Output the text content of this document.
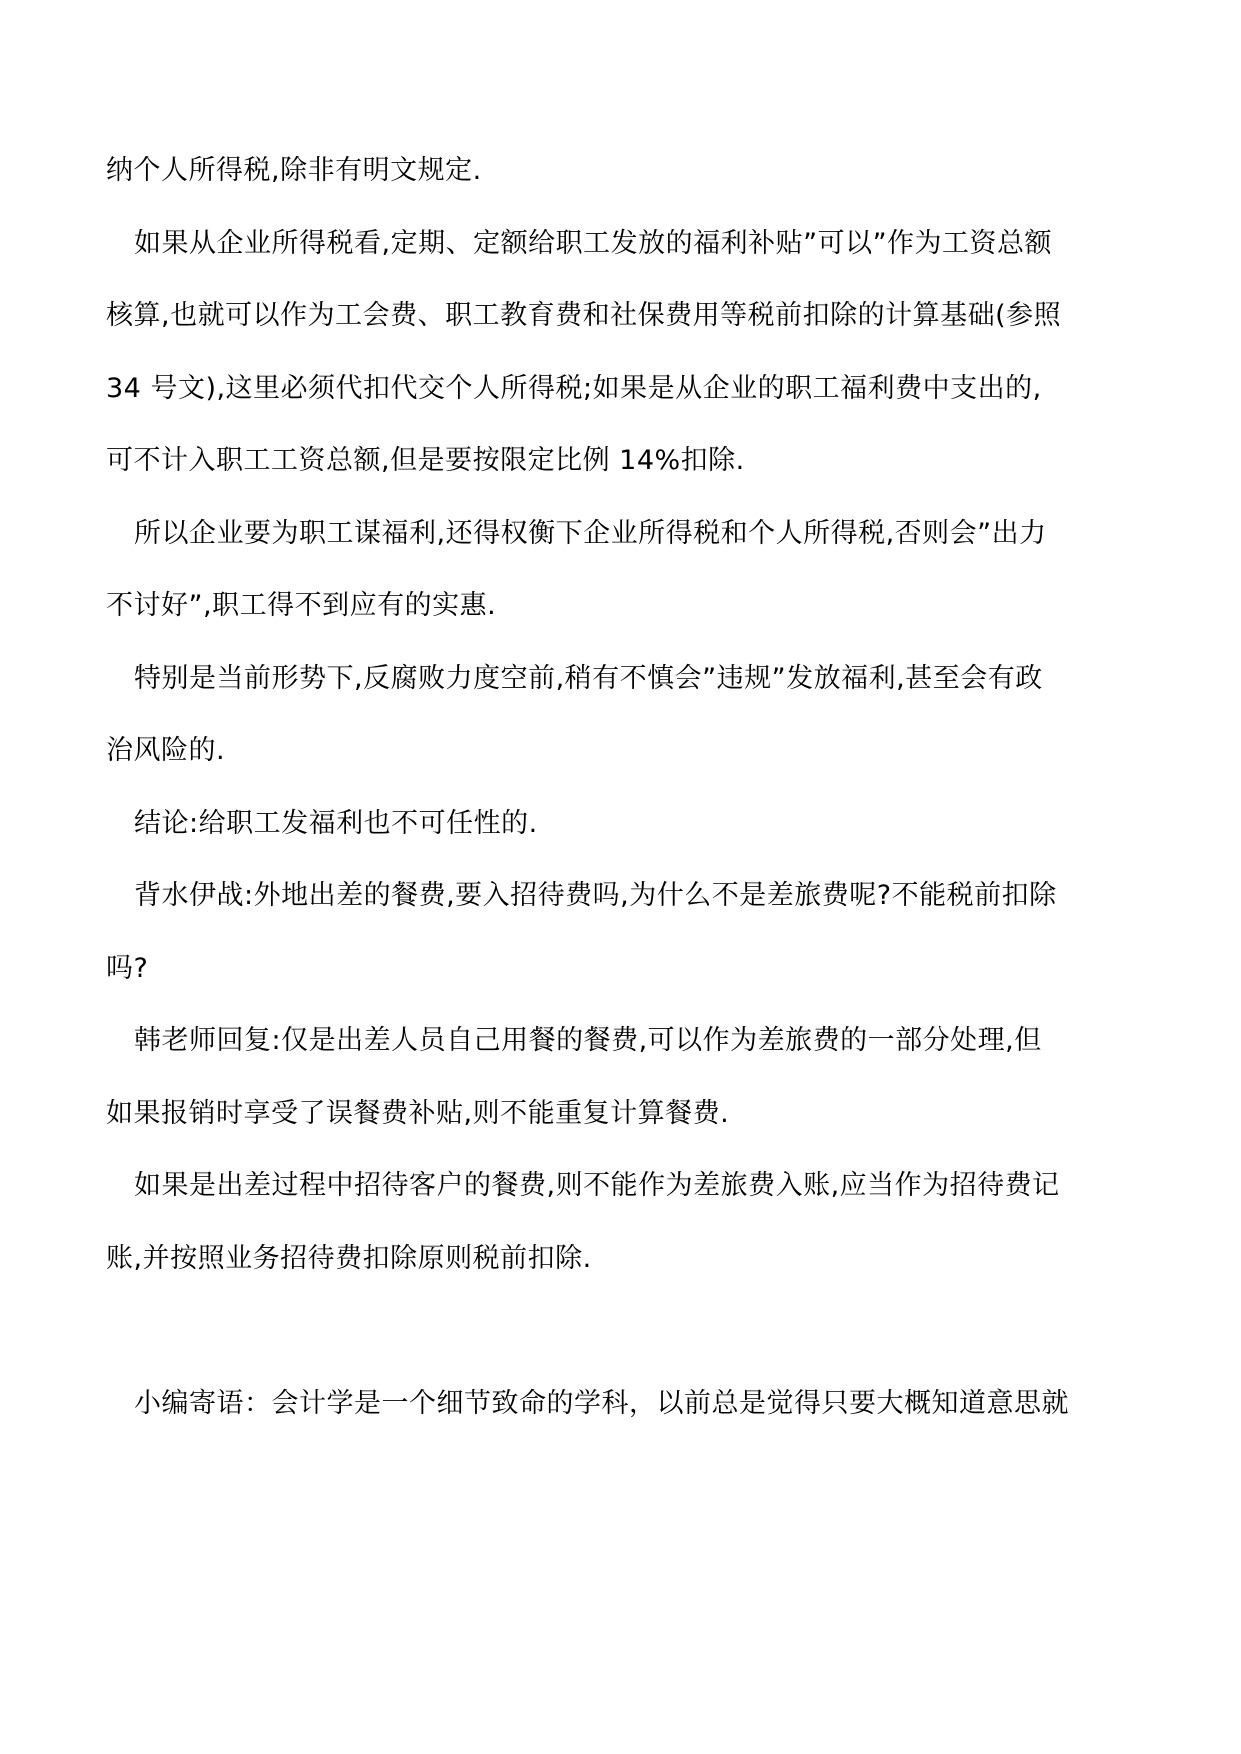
纳个人所得税,除非有明文规定.
如果从企业所得税看,定期、定额给职工发放的福利补贴”可以”作为工资总额
核算,也就可以作为工会费、职工教育费和社保费用等税前扣除的计算基础(参照
34 号文),这里必须代扣代交个人所得税;如果是从企业的职工福利费中支出的,
可不计入职工工资总额,但是要按限定比例 14%扣除.
所以企业要为职工谋福利,还得权衡下企业所得税和个人所得税,否则会”出力
不讨好”,职工得不到应有的实惠.
特别是当前形势下,反腐败力度空前,稍有不慎会”违规”发放福利,甚至会有政
治风险的.
结论:给职工发福利也不可任性的.
背水伊战:外地出差的餐费,要入招待费吗,为什么不是差旅费呢?不能税前扣除
吗?
韩老师回复:仅是出差人员自己用餐的餐费,可以作为差旅费的一部分处理,但
如果报销时享受了误餐费补贴,则不能重复计算餐费.
如果是出差过程中招待客户的餐费,则不能作为差旅费入账,应当作为招待费记
账,并按照业务招待费扣除原则税前扣除.
小编寄语：会计学是一个细节致命的学科，以前总是觉得只要大概知道意思就
